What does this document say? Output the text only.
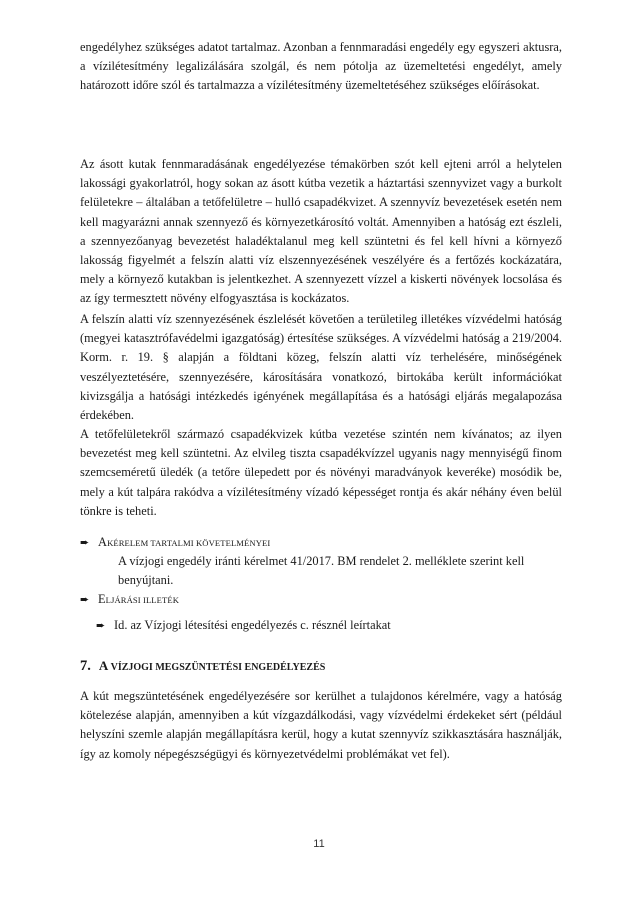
engedélyhez szükséges adatot tartalmaz. Azonban a fennmaradási engedély egy egyszeri aktusra, a vízilétesítmény legalizálására szolgál, és nem pótolja az üzemeltetési engedélyt, amely határozott időre szól és tartalmazza a vízilétesítmény üzemeltetéséhez szükséges előírásokat.

Az ásott kutak fennmaradásának engedélyezése témakörben szót kell ejteni arról a helytelen lakossági gyakorlatról, hogy sokan az ásott kútba vezetik a háztartási szennyvizet vagy a burkolt felületekre – általában a tetőfelületre – hulló csapadékvizet. A szennyvíz bevezetések esetén nem kell magyarázni annak szennyező és környezetkárosító voltát. Amennyiben a hatóság ezt észleli, a szennyezőanyag bevezetést haladéktalanul meg kell szüntetni és fel kell hívni a környező lakosság figyelmét a felszín alatti víz elszennyezésének veszélyére és a fertőzés kockázatára, mely a környező kutakban is jelentkezhet. A szennyezett vízzel a kiskerti növények locsolása és az így termesztett növény elfogyasztása is kockázatos.

A felszín alatti víz szennyezésének észlelését követően a területileg illetékes vízvédelmi hatóság (megyei katasztrófavédelmi igazgatóság) értesítése szükséges. A vízvédelmi hatóság a 219/2004. Korm. r. 19. § alapján a földtani közeg, felszín alatti víz terhelésére, minőségének veszélyeztetésére, szennyezésére, károsítására vonatkozó, birtokába került információkat kivizsgálja a hatósági intézkedés igényének megállapítása és a hatósági eljárás megalapozása érdekében.

A tetőfelületekről származó csapadékvizek kútba vezetése szintén nem kívánatos; az ilyen bevezetést meg kell szüntetni. Az elvileg tiszta csapadékvízzel ugyanis nagy mennyiségű finom szemcseméretű üledék (a tetőre ülepedett por és növényi maradványok keveréke) mosódik be, mely a kút talpára rakódva a vízilétesítmény vízadó képességet rontja és akár néhány éven belül tönkre is teheti.

➨ AKÉRELEM TARTALMI KÖVETELMÉNYEI

A vízjogi engedély iránti kérelmet 41/2017. BM rendelet 2. melléklete szerint kell benyújtani.

➨ ELJÁRÁSI ILLETÉK
➨ Id. az Vízjogi létesítési engedélyezés c. résznél leírtakat
7. A VÍZJOGI MEGSZÜNTETÉSI ENGEDÉLYEZÉS

A kút megszüntetésének engedélyezésére sor kerülhet a tulajdonos kérelmére, vagy a hatóság kötelezése alapján, amennyiben a kút vízgazdálkodási, vagy vízvédelmi érdekeket sért (például helyszíni szemle alapján megállapításra kerül, hogy a kutat szennyvíz szikkasztására használják, így az komoly népegészségügyi és környezetvédelmi problémákat vet fel).

11
